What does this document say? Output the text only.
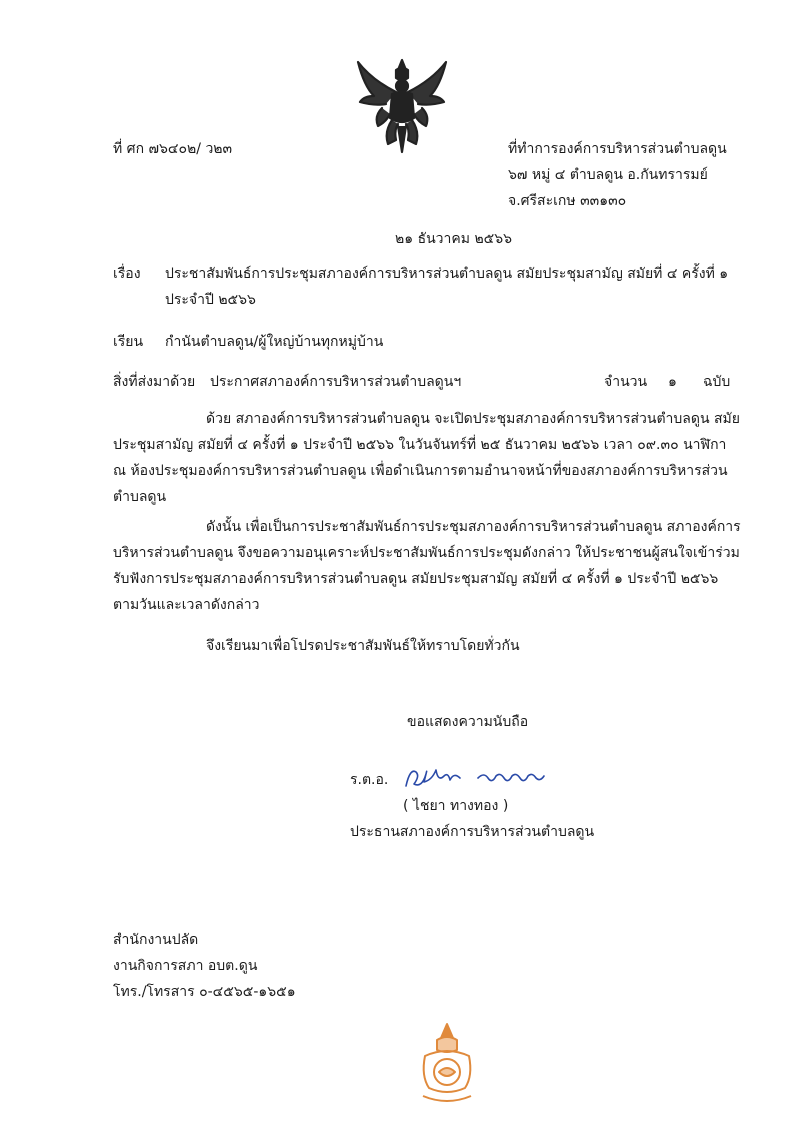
ที่ ศก ๗๖๔๐๒/ ว๒๓	ที่ทำการองค์การบริหารส่วนตำบลดูน
๖๗ หมู่ ๔ ตำบลดูน อ.กันทรารมย์
จ.ศรีสะเกษ ๓๓๑๓๐
๒๑ ธันวาคม ๒๕๖๖
เรื่อง ประชาสัมพันธ์การประชุมสภาองค์การบริหารส่วนตำบลดูน สมัยประชุมสามัญ สมัยที่ ๔ ครั้งที่ ๑
ประจำปี ๒๕๖๖
เรียน กำนันตำบลดูน/ผู้ใหญ่บ้านทุกหมู่บ้าน
สิ่งที่ส่งมาด้วย ประกาศสภาองค์การบริหารส่วนตำบลดูนฯ	จำนวน ๑ ฉบับ
ด้วย สภาองค์การบริหารส่วนตำบลดูน จะเปิดประชุมสภาองค์การบริหารส่วนตำบลดูน สมัย
ประชุมสามัญ สมัยที่ ๔ ครั้งที่ ๑ ประจำปี ๒๕๖๖ ในวันจันทร์ที่ ๒๕ ธันวาคม ๒๕๖๖ เวลา ๐๙.๓๐ นาฬิกา
ณ ห้องประชุมองค์การบริหารส่วนตำบลดูน เพื่อดำเนินการตามอำนาจหน้าที่ของสภาองค์การบริหารส่วน
ตำบลดูน
ดังนั้น เพื่อเป็นการประชาสัมพันธ์การประชุมสภาองค์การบริหารส่วนตำบลดูน สภาองค์การ
บริหารส่วนตำบลดูน จึงขอความอนุเคราะห์ประชาสัมพันธ์การประชุมดังกล่าว ให้ประชาชนผู้สนใจเข้าร่วม
รับฟังการประชุมสภาองค์การบริหารส่วนตำบลดูน สมัยประชุมสามัญ สมัยที่ ๔ ครั้งที่ ๑ ประจำปี ๒๕๖๖
ตามวันและเวลาดังกล่าว
จึงเรียนมาเพื่อโปรดประชาสัมพันธ์ให้ทราบโดยทั่วกัน
ขอแสดงความนับถือ
ร.ต.อ.
( ไชยา ทางทอง )
ประธานสภาองค์การบริหารส่วนตำบลดูน
สำนักงานปลัด
งานกิจการสภา อบต.ดูน
โทร./โทรสาร ๐-๔๕๖๕-๑๖๕๑
